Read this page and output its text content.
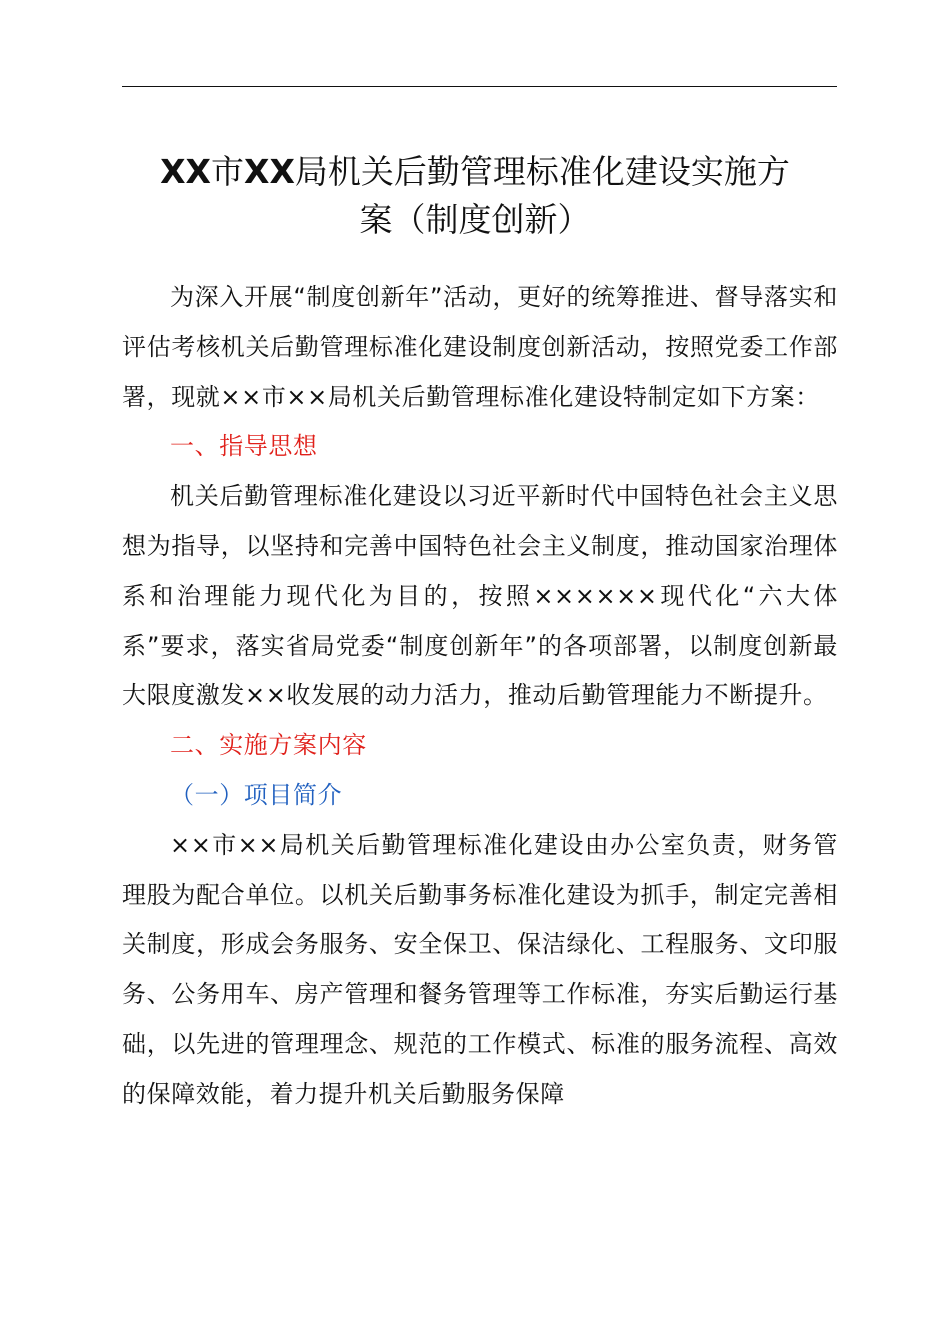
XX市XX局机关后勤管理标准化建设实施方
案（制度创新）

为深入开展“制度创新年”活动，更好的统筹推进、督导落实和评估考核机关后勤管理标准化建设制度创新活动，按照党委工作部署，现就××市××局机关后勤管理标准化建设特制定如下方案：

一、指导思想

机关后勤管理标准化建设以习近平新时代中国特色社会主义思想为指导，以坚持和完善中国特色社会主义制度，推动国家治理体系和治理能力现代化为目的，按照××××××现代化“六大体系”要求，落实省局党委“制度创新年”的各项部署，以制度创新最大限度激发××收发展的动力活力，推动后勤管理能力不断提升。

二、实施方案内容

（一）项目简介

××市××局机关后勤管理标准化建设由办公室负责，财务管理股为配合单位。以机关后勤事务标准化建设为抓手，制定完善相关制度，形成会务服务、安全保卫、保洁绿化、工程服务、文印服务、公务用车、房产管理和餐务管理等工作标准，夯实后勤运行基础，以先进的管理理念、规范的工作模式、标准的服务流程、高效的保障效能，着力提升机关后勤服务保障
